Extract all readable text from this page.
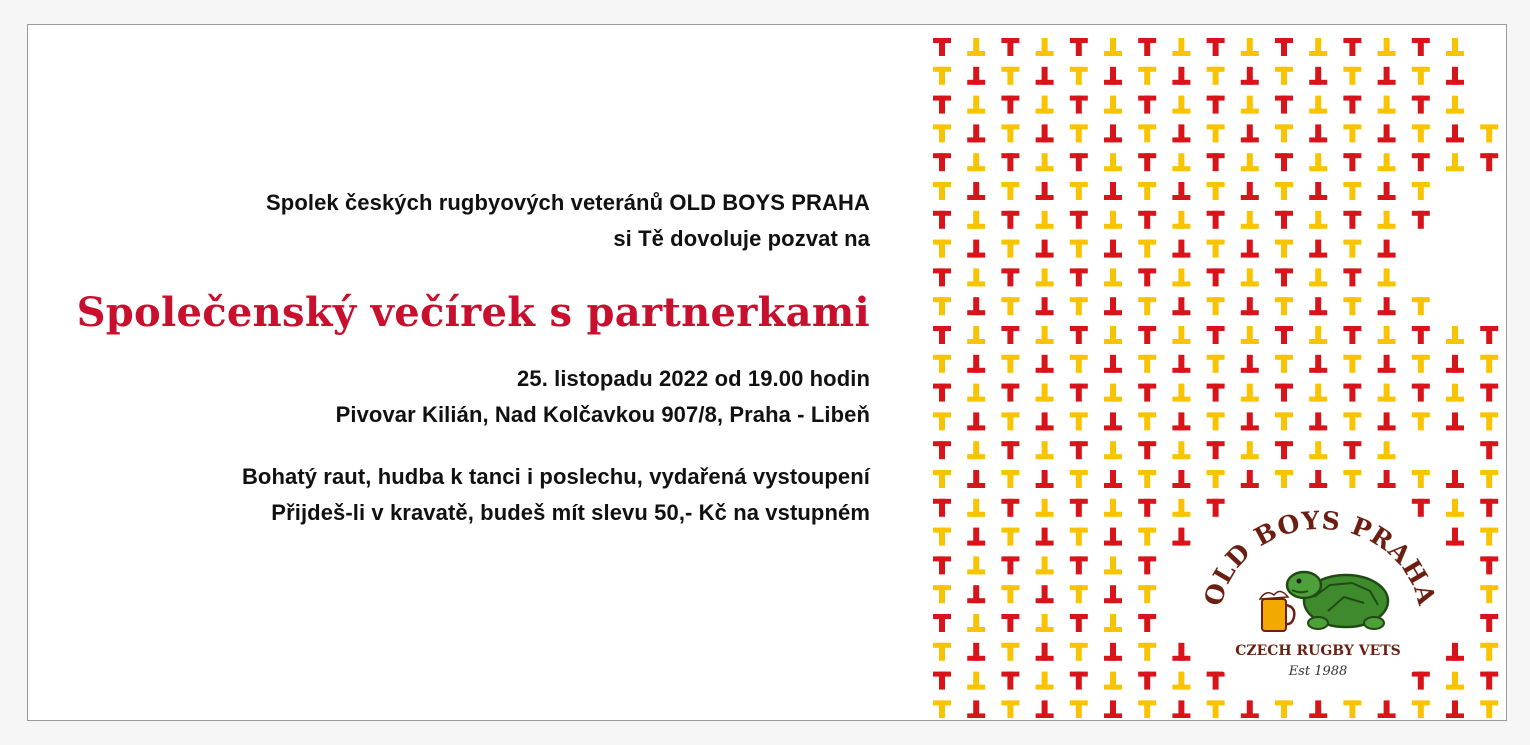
Spolek českých rugbyových veteránů OLD BOYS PRAHA
si Tě dovoluje pozvat na
Společenský večírek s partnerkami
25. listopadu 2022 od 19.00 hodin
Pivovar Kilián, Nad Kolčavkou 907/8, Praha - Libeň
Bohatý raut, hudba k tanci i poslechu, vydařená vystoupení
Přijdeš-li v kravatě, budeš mít slevu 50,- Kč na vstupném
OLD BOYS PRAHA
CZECH RUGBY VETS
Est 1988
